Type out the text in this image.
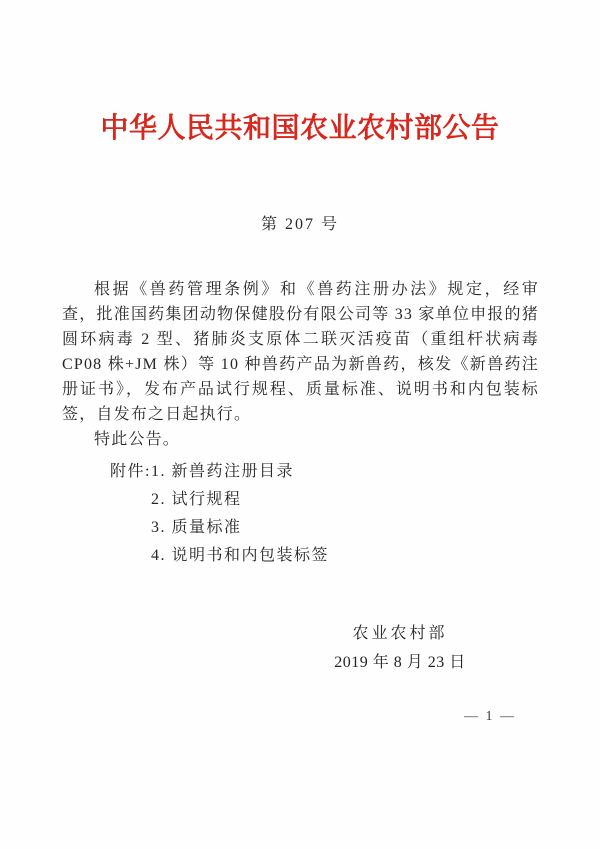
中华人民共和国农业农村部公告
第 207 号

根据《兽药管理条例》和《兽药注册办法》规定，经审查，批准国药集团动物保健股份有限公司等 33 家单位申报的猪圆环病毒 2 型、猪肺炎支原体二联灭活疫苗（重组杆状病毒 CP08 株+JM 株）等 10 种兽药产品为新兽药，核发《新兽药注册证书》，发布产品试行规程、质量标准、说明书和内包装标签，自发布之日起执行。

特此公告。

附件: 1. 新兽药注册目录
2. 试行规程
3. 质量标准
4. 说明书和内包装标签
农业农村部
2019 年 8 月 23 日
— 1 —
